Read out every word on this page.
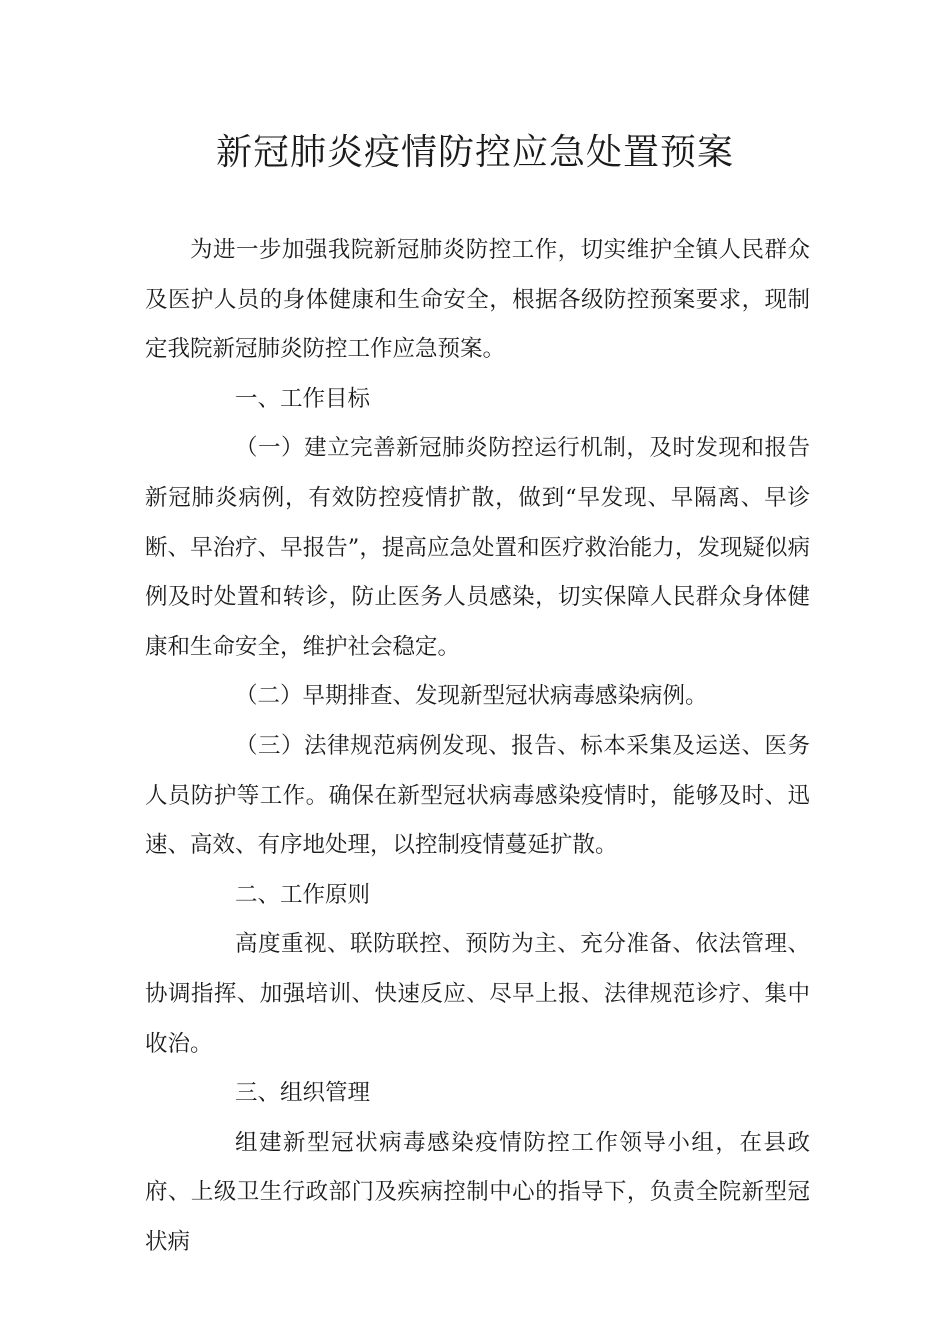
新冠肺炎疫情防控应急处置预案

为进一步加强我院新冠肺炎防控工作，切实维护全镇人民群众及医护人员的身体健康和生命安全，根据各级防控预案要求，现制定我院新冠肺炎防控工作应急预案。

一、工作目标

（一）建立完善新冠肺炎防控运行机制，及时发现和报告新冠肺炎病例，有效防控疫情扩散，做到“早发现、早隔离、早诊断、早治疗、早报告”，提高应急处置和医疗救治能力，发现疑似病例及时处置和转诊，防止医务人员感染，切实保障人民群众身体健康和生命安全，维护社会稳定。

（二）早期排查、发现新型冠状病毒感染病例。

（三）法律规范病例发现、报告、标本采集及运送、医务人员防护等工作。确保在新型冠状病毒感染疫情时，能够及时、迅速、高效、有序地处理，以控制疫情蔓延扩散。

二、工作原则

高度重视、联防联控、预防为主、充分准备、依法管理、协调指挥、加强培训、快速反应、尽早上报、法律规范诊疗、集中收治。

三、组织管理

组建新型冠状病毒感染疫情防控工作领导小组，在县政府、上级卫生行政部门及疾病控制中心的指导下，负责全院新型冠状病
